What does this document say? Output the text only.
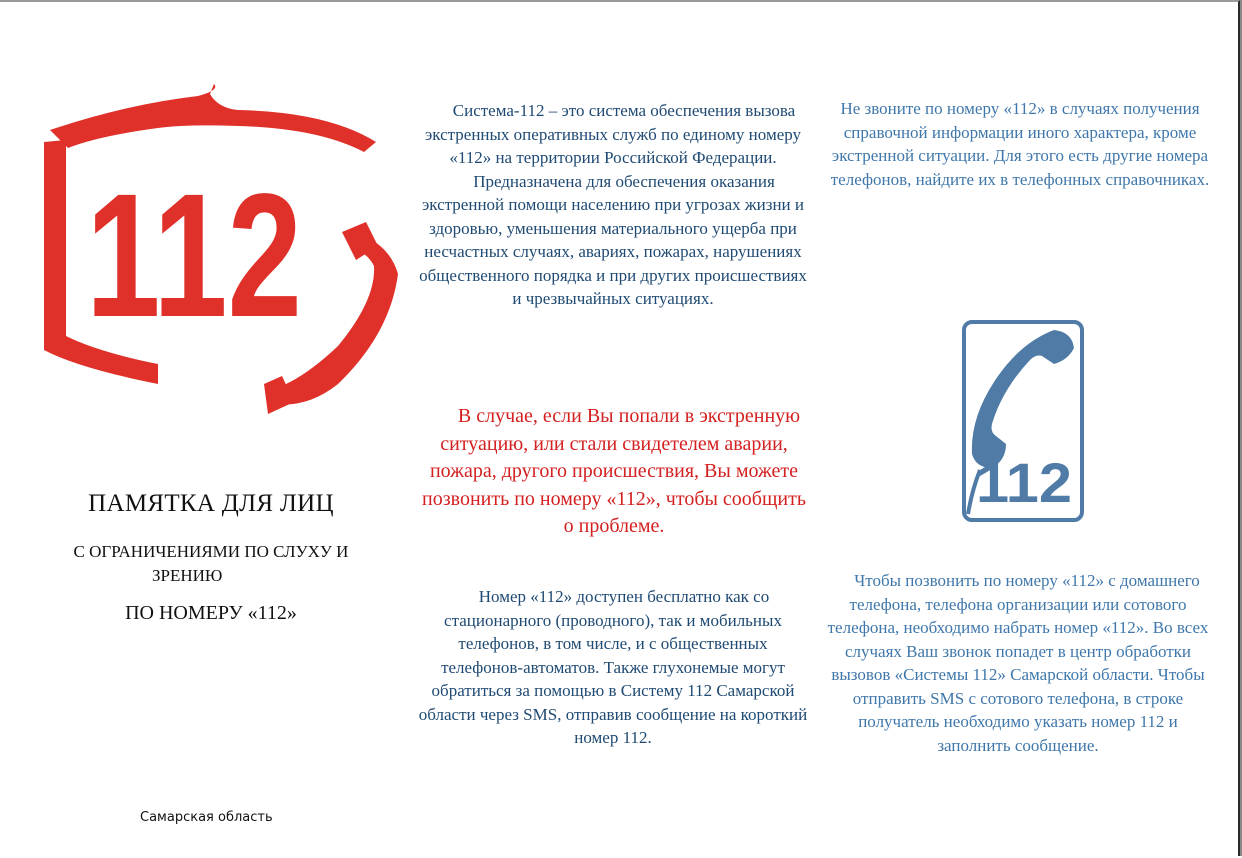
112
ПАМЯТКА ДЛЯ ЛИЦ
С ОГРАНИЧЕНИЯМИ ПО СЛУХУ И
ЗРЕНИЮ
ПО НОМЕРУ «112»
Самарская область
Система-112 – это система обеспечения вызова экстренных оперативных служб по единому номеру «112» на территории Российской Федерации.
Предназначена для обеспечения оказания экстренной помощи населению при угрозах жизни и здоровью, уменьшения материального ущерба при несчастных случаях, авариях, пожарах, нарушениях общественного порядка и при других происшествиях и чрезвычайных ситуациях.
В случае, если Вы попали в экстренную ситуацию, или стали свидетелем аварии, пожара, другого происшествия, Вы можете позвонить по номеру «112», чтобы сообщить о проблеме.
Номер «112» доступен бесплатно как со стационарного (проводного), так и мобильных телефонов, в том числе, и с общественных телефонов-автоматов. Также глухонемые могут обратиться за помощью в Систему 112 Самарской области через SMS, отправив сообщение на короткий номер 112.
Не звоните по номеру «112» в случаях получения справочной информации иного характера, кроме экстренной ситуации. Для этого есть другие номера телефонов, найдите их в телефонных справочниках.
112
Чтобы позвонить по номеру «112» с домашнего телефона, телефона организации или сотового телефона, необходимо набрать номер «112». Во всех случаях Ваш звонок попадет в центр обработки вызовов «Системы 112» Самарской области. Чтобы отправить SMS с сотового телефона, в строке получатель необходимо указать номер 112 и заполнить сообщение.
